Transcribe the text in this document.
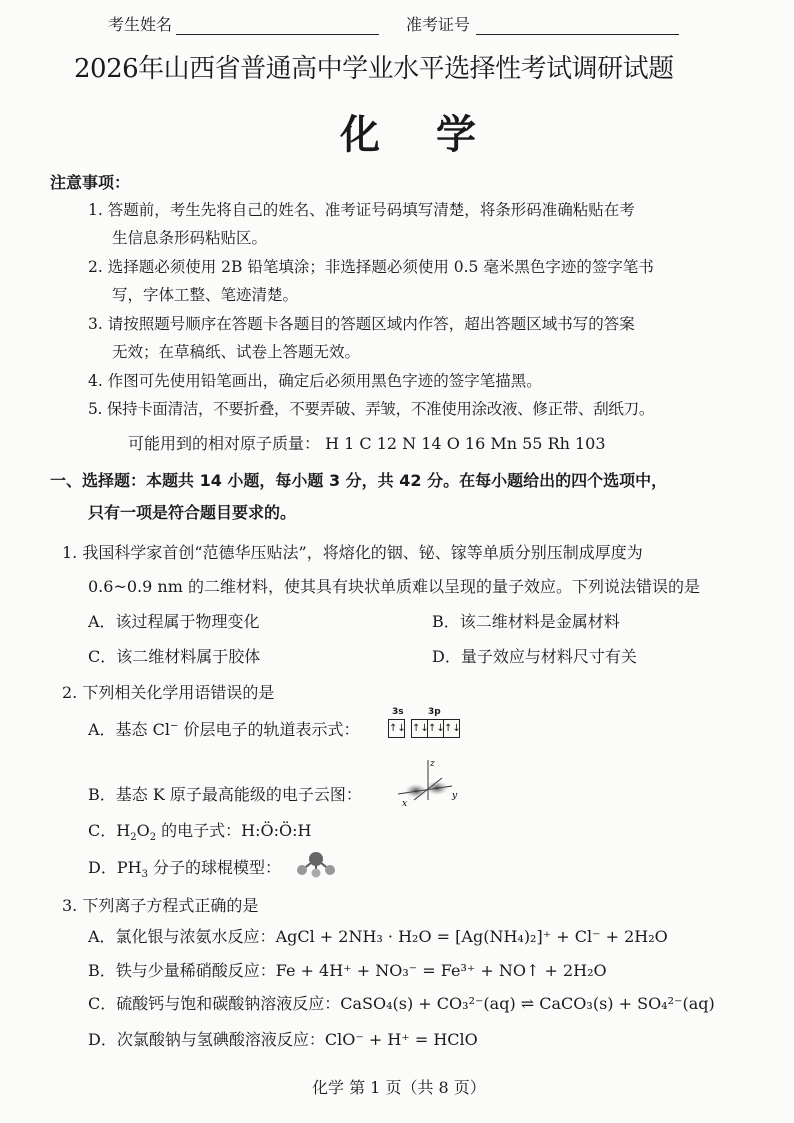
考生姓名	准考证号
2026年山西省普通高中学业水平选择性考试调研试题
化学
注意事项：
1. 答题前，考生先将自己的姓名、准考证号码填写清楚，将条形码准确粘贴在考
生信息条形码粘贴区。
2. 选择题必须使用 2B 铅笔填涂；非选择题必须使用 0.5 毫米黑色字迹的签字笔书
写，字体工整、笔迹清楚。
3. 请按照题号顺序在答题卡各题目的答题区域内作答，超出答题区域书写的答案
无效；在草稿纸、试卷上答题无效。
4. 作图可先使用铅笔画出，确定后必须用黑色字迹的签字笔描黑。
5. 保持卡面清洁，不要折叠，不要弄破、弄皱，不准使用涂改液、修正带、刮纸刀。
可能用到的相对原子质量： H 1 C 12 N 14 O 16 Mn 55 Rh 103
一、选择题：本题共 14 小题，每小题 3 分，共 42 分。在每小题给出的四个选项中，
只有一项是符合题目要求的。
1. 我国科学家首创“范德华压贴法”，将熔化的铟、铋、镓等单质分别压制成厚度为
0.6~0.9 nm 的二维材料，使其具有块状单质难以呈现的量子效应。下列说法错误的是
A．该过程属于物理变化	B．该二维材料是金属材料
C．该二维材料属于胶体	D．量子效应与材料尺寸有关
2. 下列相关化学用语错误的是
A．基态 Cl− 价层电子的轨道表示式：
3s	3p
↑↓ ↑↓↑↓↑↓
B．基态 K 原子最高能级的电子云图：
z
y
x
C．$H_2O_2$ 的电子式：H:Ö:Ö:H
D．$PH_3$ 分子的球棍模型：
3. 下列离子方程式正确的是
A．氯化银与浓氨水反应：AgCl + 2NH₃ · H₂O = [Ag(NH₄)₂]⁺ + Cl⁻ + 2H₂O
B．铁与少量稀硝酸反应：Fe + 4H⁺ + NO₃⁻ = Fe³⁺ + NO↑ + 2H₂O
C．硫酸钙与饱和碳酸钠溶液反应：CaSO₄(s) + CO₃²⁻(aq) ⇌ CaCO₃(s) + SO₄²⁻(aq)
D．次氯酸钠与氢碘酸溶液反应：ClO⁻ + H⁺ = HClO
化学 第 1 页（共 8 页）
